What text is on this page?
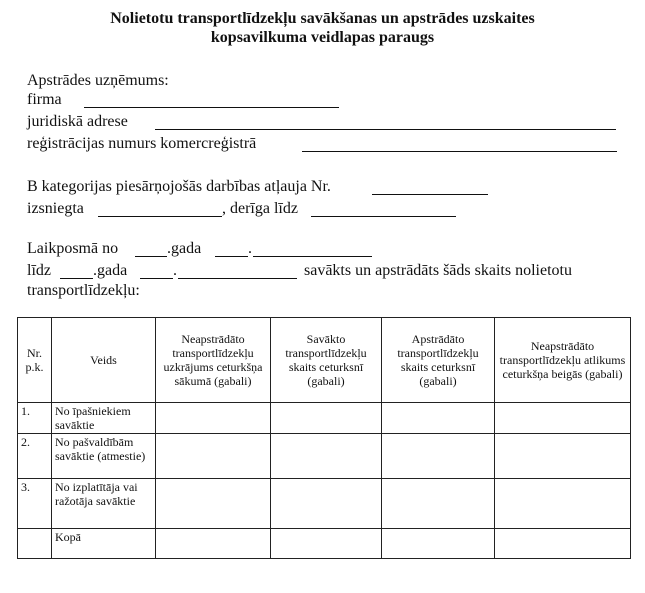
Nolietotu transportlīdzekļu savākšanas un apstrādes uzskaites
kopsavilkuma veidlapas paraugs
Apstrādes uzņēmums:
firma
juridiskā adrese
reģistrācijas numurs komercreģistrā
B kategorijas piesārņojošās darbības atļauja Nr.
izsniegta	, derīga līdz
Laikposmā no	.gada	.
līdz	.gada	.	savākts un apstrādāts šāds skaits nolietotu
transportlīdzekļu:
Nr. p.k.	Veids	Neapstrādāto transportlīdzekļu uzkrājums ceturkšņa sākumā (gabali)	Savākto transportlīdzekļu skaits ceturksnī (gabali)	Apstrādāto transportlīdzekļu skaits ceturksnī (gabali)	Neapstrādāto transportlīdzekļu atlikums ceturkšņa beigās (gabali)
1.	No īpašniekiem savāktie				
2.	No pašvaldībām savāktie (atmestie)				
3.	No izplatītāja vai ražotāja savāktie				
	Kopā				
